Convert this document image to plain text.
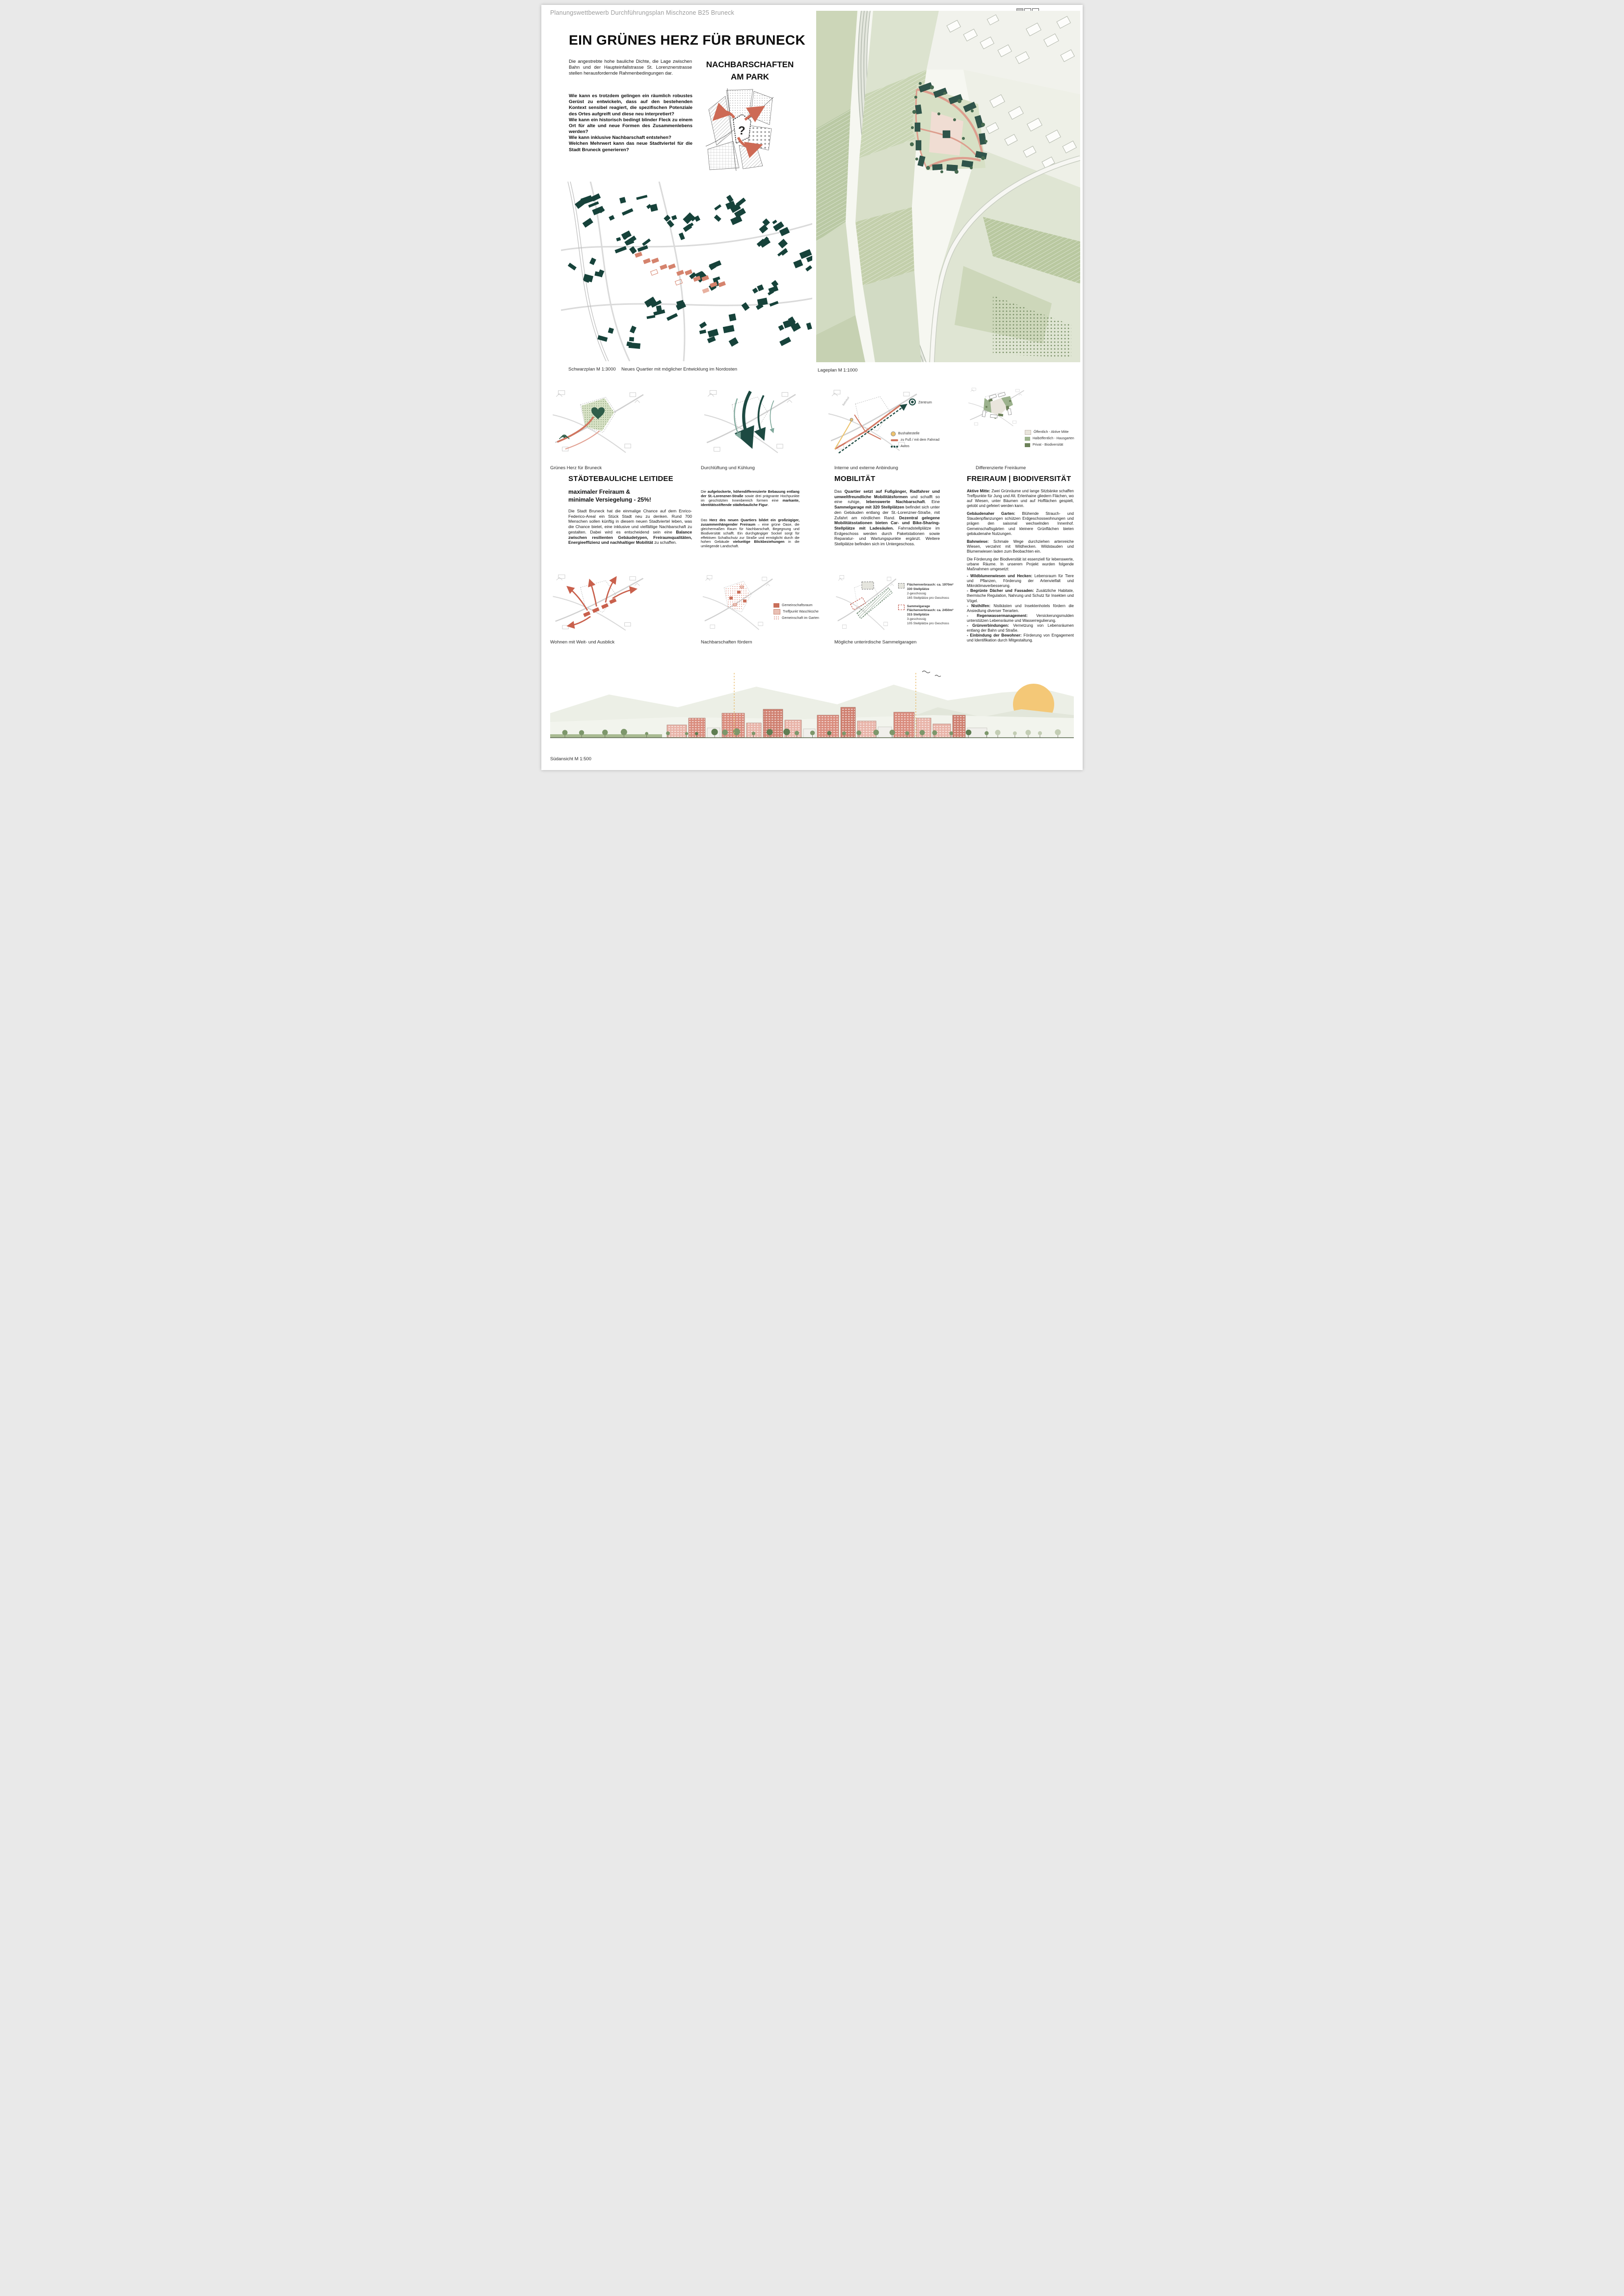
Planungswettbewerb Durchführungsplan Mischzone B25 Bruneck
EIN GRÜNES HERZ FÜR BRUNECK
Die angestrebte hohe bauliche Dichte, die Lage zwischen Bahn und der Haupteinfallstrasse St. Lorenznerstrasse stellen herausfordernde Rahmenbedingungen dar.
Wie kann es trotzdem gelingen ein räumlich robustes Gerüst zu entwickeln, dass auf den bestehenden Kontext sensibel reagiert, die spezifischen Potenziale des Ortes aufgreift und diese neu interpretiert?
Wie kann ein historisch bedingt blinder Fleck zu einem Ort für alte und neue Formen des Zusammenlebens werden?
Wie kann inklusive Nachbarschaft entstehen?
Welchen Mehrwert kann das neue Stadtviertel für die Stadt Bruneck generieren?
NACHBARSCHAFTEN
AM PARK
?
Schwarzplan M 1:3000 Neues Quartier mit möglicher Entwicklung im Nordosten	Lageplan M 1:1000
Bahnhof	Zentrum
Bushaltestelle
zu Fuß / mit dem Fahrrad
Autos
Öffentlich - Aktive Mitte
Halböffentlich - Hausgarten
Privat - Biodiversität
Grünes Herz für Bruneck	Durchlüftung und Kühlung	Interne und externe Anbindung	Differenzierte Freiräume
STÄDTEBAULICHE LEITIDEE
maximaler Freiraum &
minimale Versiegelung - 25%!
Die Stadt Bruneck hat die einmalige Chance auf dem Enrico-Federico-Areal ein Stück Stadt neu zu denken. Rund 700 Menschen sollen künftig in diesem neuen Stadtviertel leben, was die Chance bietet, eine inklusive und vielfältige Nachbarschaft zu gestalten. Dabei wird es entscheidend sein eine Balance zwischen resilienten Gebäudetypen, Freiraumqualitäten, Energieeffizienz und nachhaltiger Mobilität zu schaffen.
Die aufgelockerte, höhendifferenzierte Bebauung entlang der St.-Lorenzner-Straße sowie drei prägnante Hochpunkte im geschützten Innenbereich formen eine markante, identitätsstiftende städtebauliche Figur.
Das Herz des neuen Quartiers bildet ein großzügiger, zusammenhängender Freiraum – eine grüne Oase, die gleichermaßen Raum für Nachbarschaft, Begegnung und Biodiversität schafft. Ein durchgängiger Sockel sorgt für effektiven Schallschutz zur Straße und ermöglicht durch die hohen Gebäude vielseitige Blickbeziehungen in die umliegende Landschaft.
MOBILITÄT
Das Quartier setzt auf Fußgänger, Radfahrer und umweltfreundliche Mobilitätsformen und schafft so eine ruhige, lebenswerte Nachbarschaft. Eine Sammelgarage mit 320 Stellplätzen befindet sich unter den Gebäuden entlang der St.-Lorenzner-Straße, mit Zufahrt am nördlichen Rand. Dezentral gelegene Mobilitätsstationen bieten Car- und Bike-Sharing-Stellplätze mit Ladesäulen. Fahrradstellplätze im Erdgeschoss werden durch Paketstationen sowie Reparatur- und Wartungspunkte ergänzt. Weitere Stellplätze befinden sich im Untergeschoss.
FREIRAUM | BIODIVERSITÄT
Aktive Mitte: Zwei Grünräume und lange Sitzbänke schaffen Treffpunkte für Jung und Alt. Erlenhaine gliedern Flächen, wo auf Wiesen, unter Bäumen und auf Hofflächen gespielt, getobt und gefeiert werden kann.
Gebäudenaher Garten: Blühende Strauch- und Staudenpflanzungen schützen Erdgeschosswohnungen und prägen den saisonal wechselnden Innenhof. Gemeinschaftsgärten und kleinere Grünflächen bieten gebäudenahe Nutzungen.
Bahnwiese: Schmale Wege durchziehen artenreiche Wiesen, verzahnt mit Wildhecken. Wildstauden und Blumenwiesen laden zum Beobachten ein.
Die Förderung der Biodiversität ist essenziell für lebenswerte, urbane Räume. In unserem Projekt wurden folgende Maßnahmen umgesetzt:
- Wildblumenwiesen und Hecken: Lebensraum für Tiere und Pflanzen, Förderung der Artenvielfalt und Mikroklimaverbesserung.
- Begrünte Dächer und Fassaden: Zusätzliche Habitate, thermische Regulation, Nahrung und Schutz für Insekten und Vögel.
- Nisthilfen: Nistkästen und Insektenhotels fördern die Ansiedlung diverser Tierarten.
- Regenwassermanagement: Versickerungsmulden unterstützen Lebensräume und Wasserregulierung.
- Grünverbindungen: Vernetzung von Lebensräumen entlang der Bahn und Straße.
- Einbindung der Bewohner: Förderung von Engagement und Identifikation durch Mitgestaltung.
Gemeinschaftsraum
Treffpunkt Waschküche
Gemeinschaft im Garten
Flächenverbrauch: ca. 1970m²
330 Stellplätze
2-geschossig
165 Stellplätze pro Geschoss
Sammelgarage
Flächenverbrauch: ca. 2450m²
315 Stellplätze
3-geschossig
105 Stellplätze pro Geschoss
Wohnen mit Weit- und Ausblick	Nachbarschaften fördern	Mögliche unterirdische Sammelgaragen
Südansicht M 1:500
